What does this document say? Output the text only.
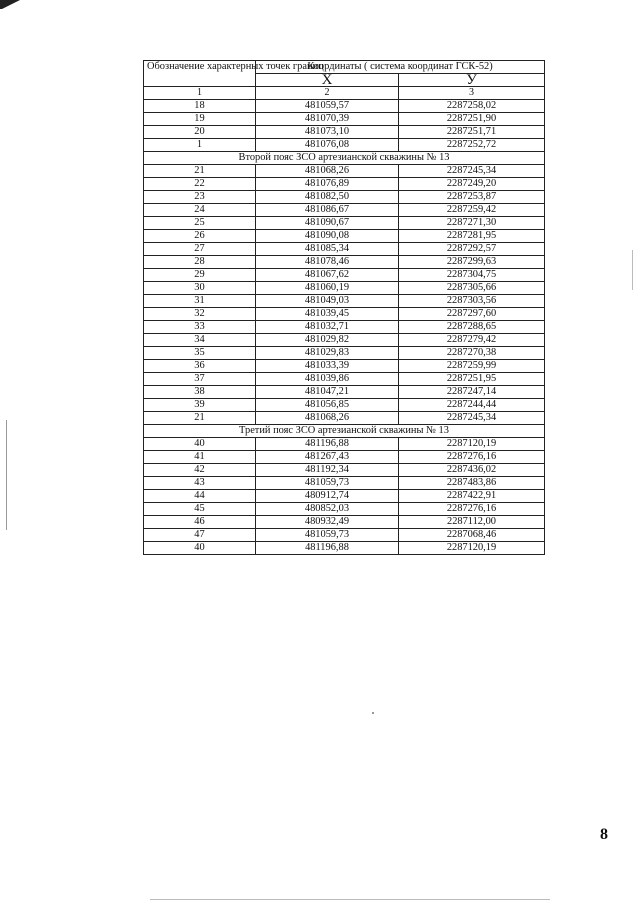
Обозначение характерных точек границ	Координаты ( система координат ГСК-52)	
	X	У
1	2	3
18	481059,57	2287258,02
19	481070,39	2287251,90
20	481073,10	2287251,71
1	481076,08	2287252,72
Второй пояс ЗСО артезианской скважины № 13		
21	481068,26	2287245,34
22	481076,89	2287249,20
23	481082,50	2287253,87
24	481086,67	2287259,42
25	481090,67	2287271,30
26	481090,08	2287281,95
27	481085,34	2287292,57
28	481078,46	2287299,63
29	481067,62	2287304,75
30	481060,19	2287305,66
31	481049,03	2287303,56
32	481039,45	2287297,60
33	481032,71	2287288,65
34	481029,82	2287279,42
35	481029,83	2287270,38
36	481033,39	2287259,99
37	481039,86	2287251,95
38	481047,21	2287247,14
39	481056,85	2287244,44
21	481068,26	2287245,34
Третий пояс ЗСО артезианской скважины № 13		
40	481196,88	2287120,19
41	481267,43	2287276,16
42	481192,34	2287436,02
43	481059,73	2287483,86
44	480912,74	2287422,91
45	480852,03	2287276,16
46	480932,49	2287112,00
47	481059,73	2287068,46
40	481196,88	2287120,19
8
